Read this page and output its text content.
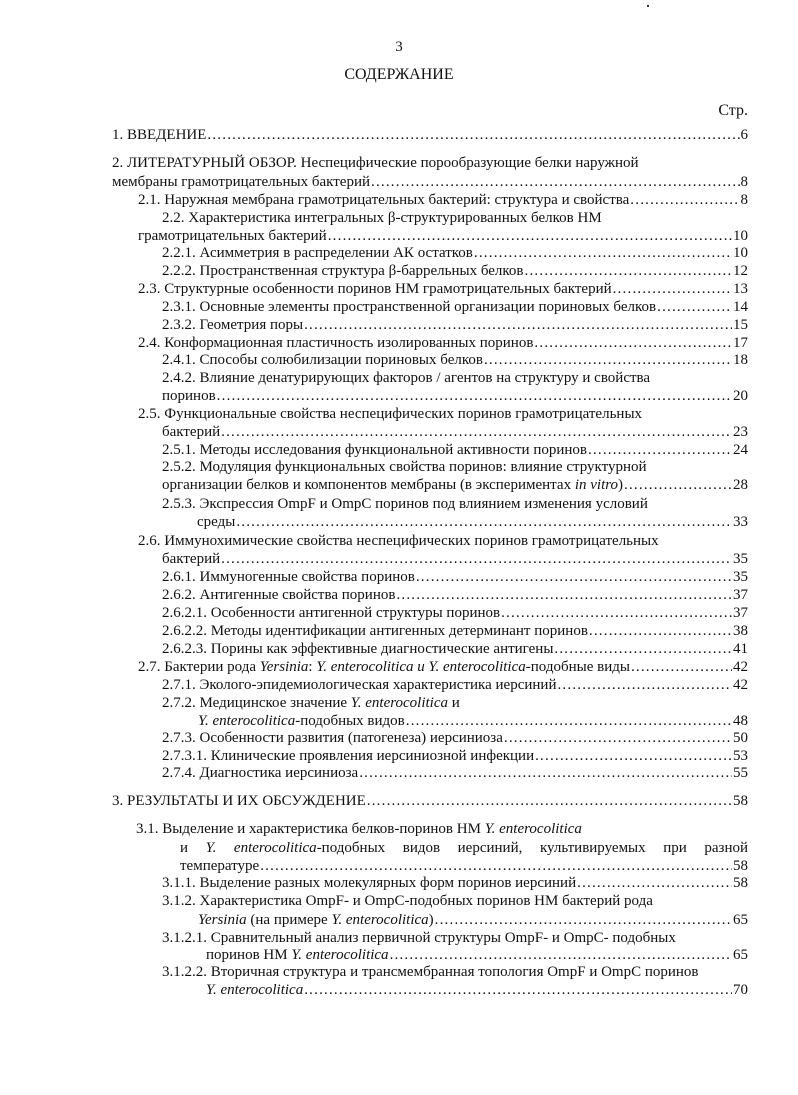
3
СОДЕРЖАНИЕ
Стр.
1. ВВЕДЕНИЕ .....	6
2. ЛИТЕРАТУРНЫЙ ОБЗОР. Неспецифические порообразующие белки наружной
мембраны грамотрицательных бактерий .....	8
2.1. Наружная мембрана грамотрицательных бактерий: структура и свойства .....	8
2.2. Характеристика интегральных β-структурированных белков НМ
грамотрицательных бактерий .....	10
2.2.1. Асимметрия в распределении АК остатков .....	10
2.2.2. Пространственная структура β-баррельных белков .....	12
2.3. Структурные особенности поринов НМ грамотрицательных бактерий .....	13
2.3.1. Основные элементы пространственной организации пориновых белков .....	14
2.3.2. Геометрия поры .....	15
2.4. Конформационная пластичность изолированных поринов .....	17
2.4.1. Способы солюбилизации пориновых белков .....	18
2.4.2. Влияние денатурирующих факторов / агентов на структуру и свойства
поринов .....	20
2.5. Функциональные свойства неспецифических поринов грамотрицательных
бактерий .....	23
2.5.1. Методы исследования функциональной активности поринов .....	24
2.5.2. Модуляция функциональных свойства поринов: влияние структурной
организации белков и компонентов мембраны (в экспериментах in vitro) .....	28
2.5.3. Экспрессия OmpF и OmpC поринов под влиянием изменения условий
среды .....	33
2.6. Иммунохимические свойства неспецифических поринов грамотрицательных
бактерий .....	35
2.6.1. Иммуногенные свойства поринов .....	35
2.6.2. Антигенные свойства поринов .....	37
2.6.2.1. Особенности антигенной структуры поринов .....	37
2.6.2.2. Методы идентификации антигенных детерминант поринов .....	38
2.6.2.3. Порины как эффективные диагностические антигены .....	41
2.7. Бактерии рода Yersinia: Y. enterocolitica и Y. enterocolitica-подобные виды .....	42
2.7.1. Эколого-эпидемиологическая характеристика иерсиний .....	42
2.7.2. Медицинское значение Y. enterocolitica и
Y. enterocolitica-подобных видов .....	48
2.7.3. Особенности развития (патогенеза) иерсиниоза .....	50
2.7.3.1. Клинические проявления иерсиниозной инфекции .....	53
2.7.4. Диагностика иерсиниоза .....	55
3. РЕЗУЛЬТАТЫ И ИХ ОБСУЖДЕНИЕ .....	58
3.1. Выделение и характеристика белков-поринов НМ Y. enterocolitica
и Y. enterocolitica-подобных видов иерсиний, культивируемых при разной
температуре .....	58
3.1.1. Выделение разных молекулярных форм поринов иерсиний .....	58
3.1.2. Характеристика OmpF- и OmpC-подобных поринов НМ бактерий рода
Yersinia (на примере Y. enterocolitica) .....	65
3.1.2.1. Сравнительный анализ первичной структуры OmpF- и OmpC- подобных
поринов НМ Y. enterocolitica .....	65
3.1.2.2. Вторичная структура и трансмембранная топология OmpF и OmpC поринов
Y. enterocolitica .....	70
